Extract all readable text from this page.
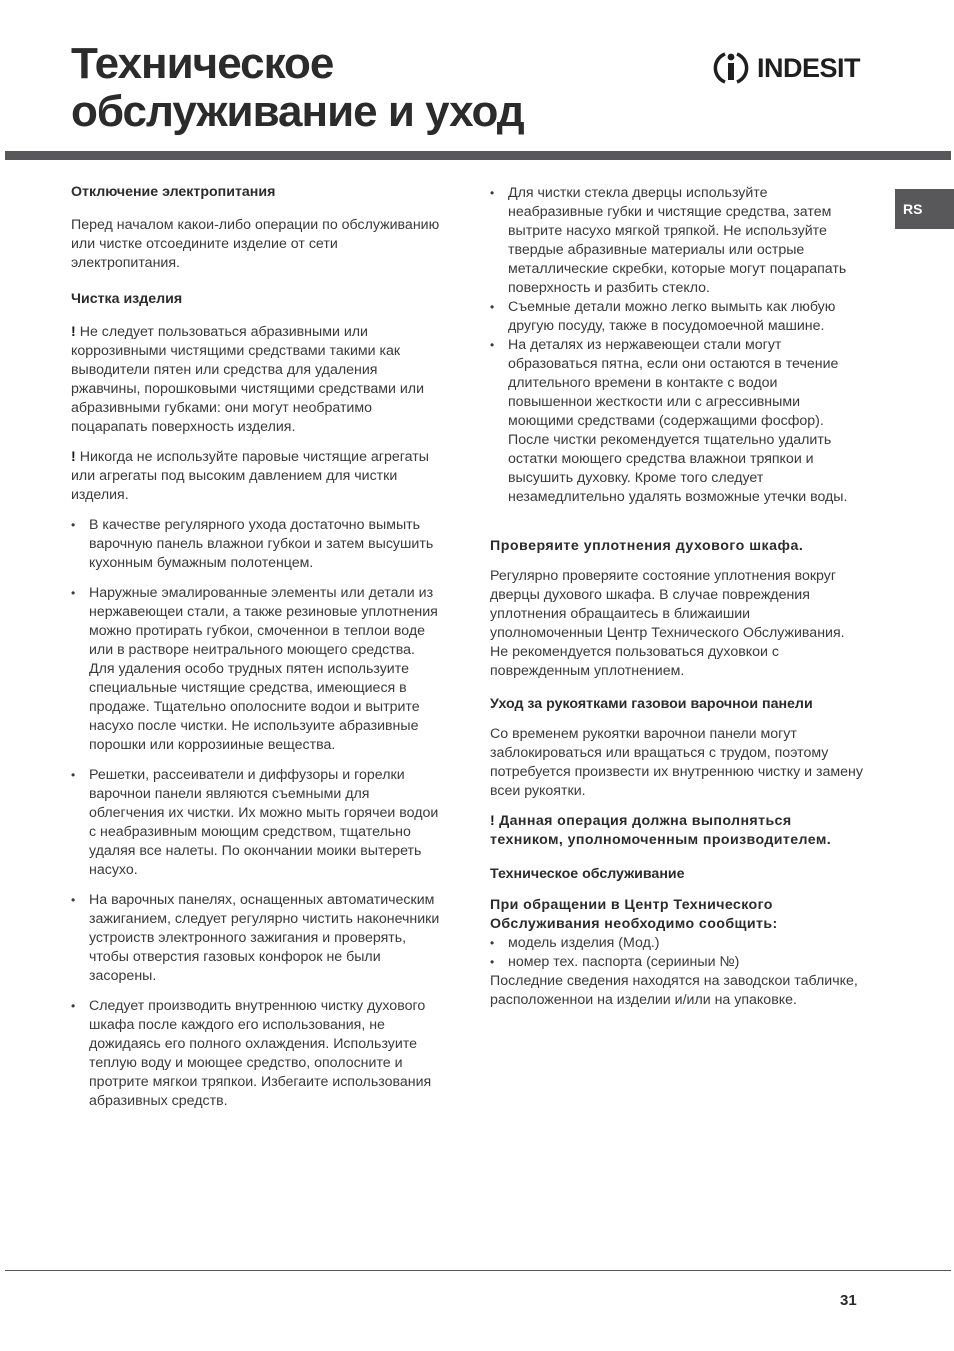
Техническое
обслуживание и уход
INDESIT
RS

Отключение электропитания

Перед началом какои-либо операции по обслуживанию или чистке отсоедините изделие от сети электропитания.

Чистка изделия

! Не следует пользоваться абразивными или коррозивными чистящими средствами такими как выводители пятен или средства для удаления ржавчины, порошковыми чистящими средствами или абразивными губками: они могут необратимо поцарапать поверхность изделия.

! Никогда не используйте паровые чистящие агрегаты или агрегаты под высоким давлением для чистки изделия.

• В качестве регулярного ухода достаточно вымыть варочную панель влажнои губкои и затем высушить кухонным бумажным полотенцем.
• Наружные эмалированные элементы или детали из нержавеющеи стали, а также резиновые уплотнения можно протирать губкои, смоченнои в теплои воде или в растворе неитрального моющего средства. Для удаления особо трудных пятен используите специальные чистящие средства, имеющиеся в продаже. Тщательно ополосните водои и вытрите насухо после чистки. Не используите абразивные порошки или коррозииные вещества.
• Решетки, рассеиватели и диффузоры и горелки варочнои панели являются съемными для облегчения их чистки. Их можно мыть горячеи водои с неабразивным моющим средством, тщательно удаляя все налеты. По окончании моики вытереть насухо.
• На варочных панелях, оснащенных автоматическим зажиганием, следует регулярно чистить наконечники устроиств электронного зажигания и проверять, чтобы отверстия газовых конфорок не были засорены.
• Следует производить внутреннюю чистку духового шкафа после каждого его использования, не дожидаясь его полного охлаждения. Используите теплую воду и моющее средство, ополосните и протрите мягкои тряпкои. Избегаите использования абразивных средств.
• Для чистки стекла дверцы используйте неабразивные губки и чистящие средства, затем вытрите насухо мягкой тряпкой. Не используйте твердые абразивные материалы или острые металлические скребки, которые могут поцарапать поверхность и разбить стекло.
• Съемные детали можно легко вымыть как любую другую посуду, также в посудомоечной машине.
• На деталях из нержавеющеи стали могут образоваться пятна, если они остаются в течение длительного времени в контакте с водои повышеннои жесткости или с агрессивными моющими средствами (содержащими фосфор). После чистки рекомендуется тщательно удалить остатки моющего средства влажнои тряпкои и высушить духовку. Кроме того следует незамедлительно удалять возможные утечки воды.

Проверяите уплотнения духового шкафа.

Регулярно проверяите состояние уплотнения вокруг дверцы духового шкафа. В случае повреждения уплотнения обращаитесь в ближаишии уполномоченныи Центр Технического Обслуживания. Не рекомендуется пользоваться духовкои с поврежденным уплотнением.

Уход за рукоятками газовои варочнои панели

Со временем рукоятки варочнои панели могут заблокироваться или вращаться с трудом, поэтому потребуется произвести их внутреннюю чистку и замену всеи рукоятки.

! Данная операция должна выполняться техником, уполномоченным производителем.

Техническое обслуживание

При обращении в Центр Технического Обслуживания необходимо сообщить:

• модель изделия (Мод.)
• номер тех. паспорта (серииныи №)

Последние сведения находятся на заводскои табличке, расположеннои на изделии и/или на упаковке.

31
